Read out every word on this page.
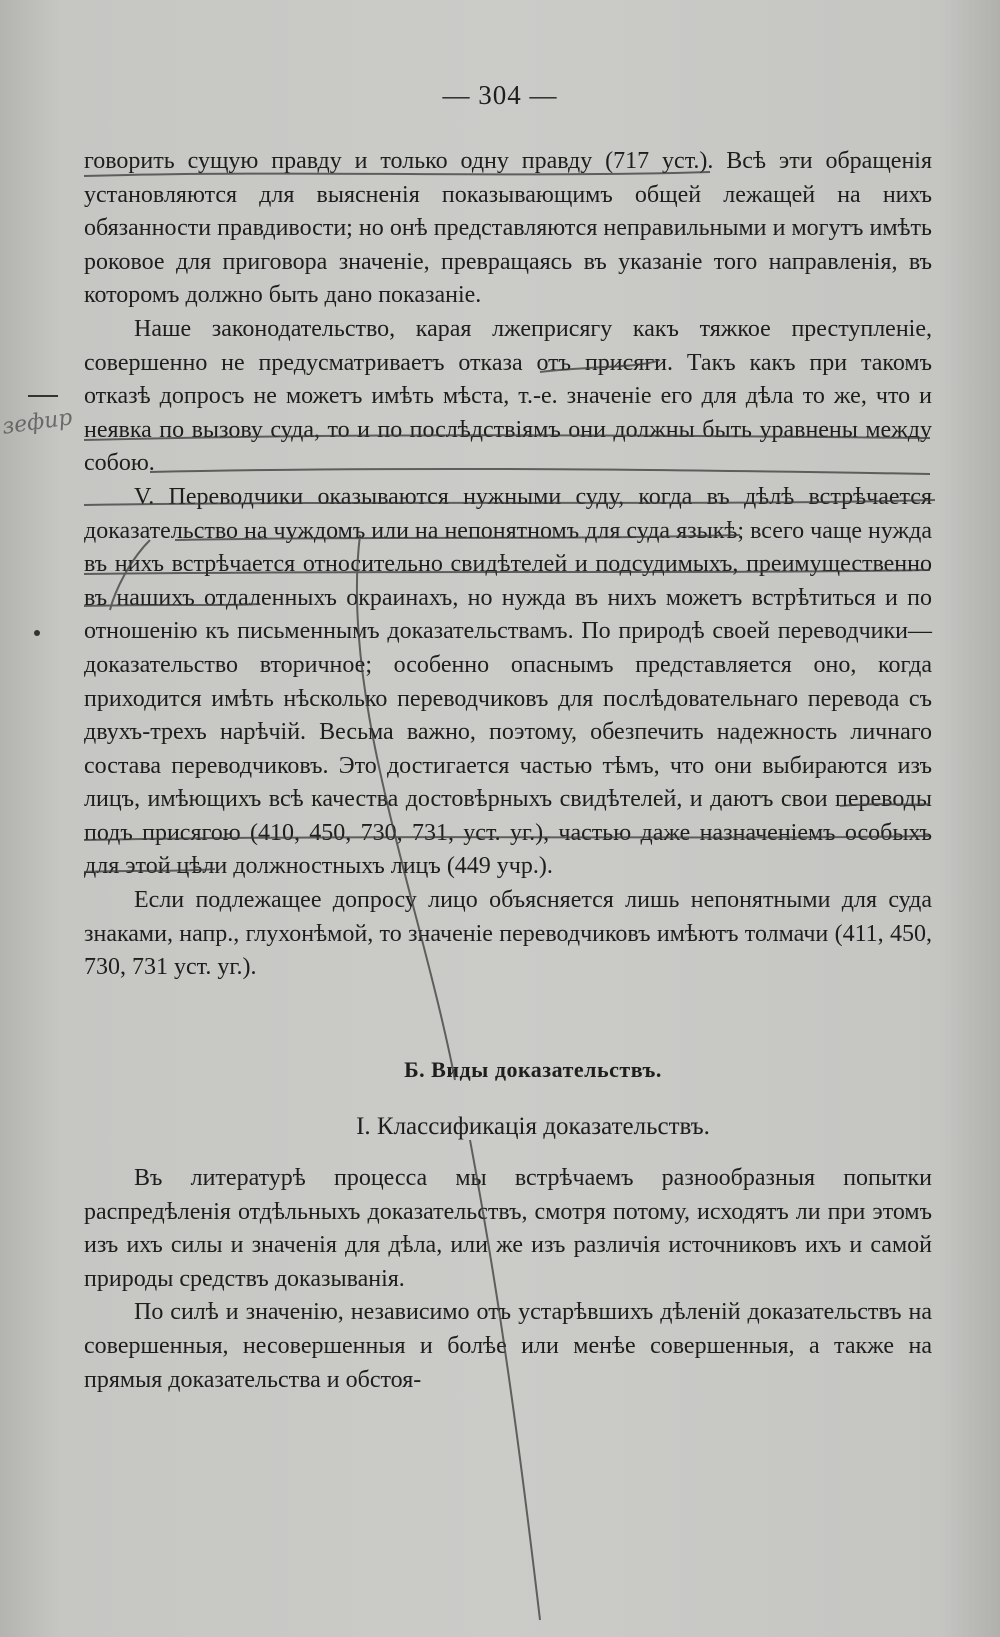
— 304 —
зефир

говорить сущую правду и только одну правду (717 уст.). Всѣ эти обращенія установляются для выясненія показывающимъ общей лежащей на нихъ обязанности правдивости; но онѣ представляются неправильными и могутъ имѣть роковое для приговора значеніе, превращаясь въ указаніе того направленія, въ которомъ должно быть дано показаніе.

Наше законодательство, карая лжеприсягу какъ тяжкое преступленіе, совершенно не предусматриваетъ отказа отъ присяги. Такъ какъ при такомъ отказѣ допросъ не можетъ имѣть мѣста, т.-е. значеніе его для дѣла то же, что и неявка по вызову суда, то и по послѣдствіямъ они должны быть уравнены между собою.

V. Переводчики оказываются нужными суду, когда въ дѣлѣ встрѣчается доказательство на чуждомъ или на непонятномъ для суда языкѣ; всего чаще нужда въ нихъ встрѣчается относительно свидѣтелей и подсудимыхъ, преимущественно въ нашихъ отдаленныхъ окраинахъ, но нужда въ нихъ можетъ встрѣтиться и по отношенію къ письменнымъ доказательствамъ. По природѣ своей переводчики—доказательство вторичное; особенно опаснымъ представляется оно, когда приходится имѣть нѣсколько переводчиковъ для послѣдовательнаго перевода съ двухъ-трехъ нарѣчій. Весьма важно, поэтому, обезпечить надежность личнаго состава переводчиковъ. Это достигается частью тѣмъ, что они выбираются изъ лицъ, имѣющихъ всѣ качества достовѣрныхъ свидѣтелей, и даютъ свои переводы подъ присягою (410, 450, 730, 731, уст. уг.), частью даже назначеніемъ особыхъ для этой цѣли должностныхъ лицъ (449 учр.).

Если подлежащее допросу лицо объясняется лишь непонятными для суда знаками, напр., глухонѣмой, то значеніе переводчиковъ имѣютъ толмачи (411, 450, 730, 731 уст. уг.).

Б. Виды доказательствъ.

I. Классификація доказательствъ.

Въ литературѣ процесса мы встрѣчаемъ разнообразныя попытки распредѣленія отдѣльныхъ доказательствъ, смотря потому, исходятъ ли при этомъ изъ ихъ силы и значенія для дѣла, или же изъ различія источниковъ ихъ и самой природы средствъ доказыванія.

По силѣ и значенію, независимо отъ устарѣвшихъ дѣленій доказательствъ на совершенныя, несовершенныя и болѣе или менѣе совершенныя, а также на прямыя доказательства и обстоя-
